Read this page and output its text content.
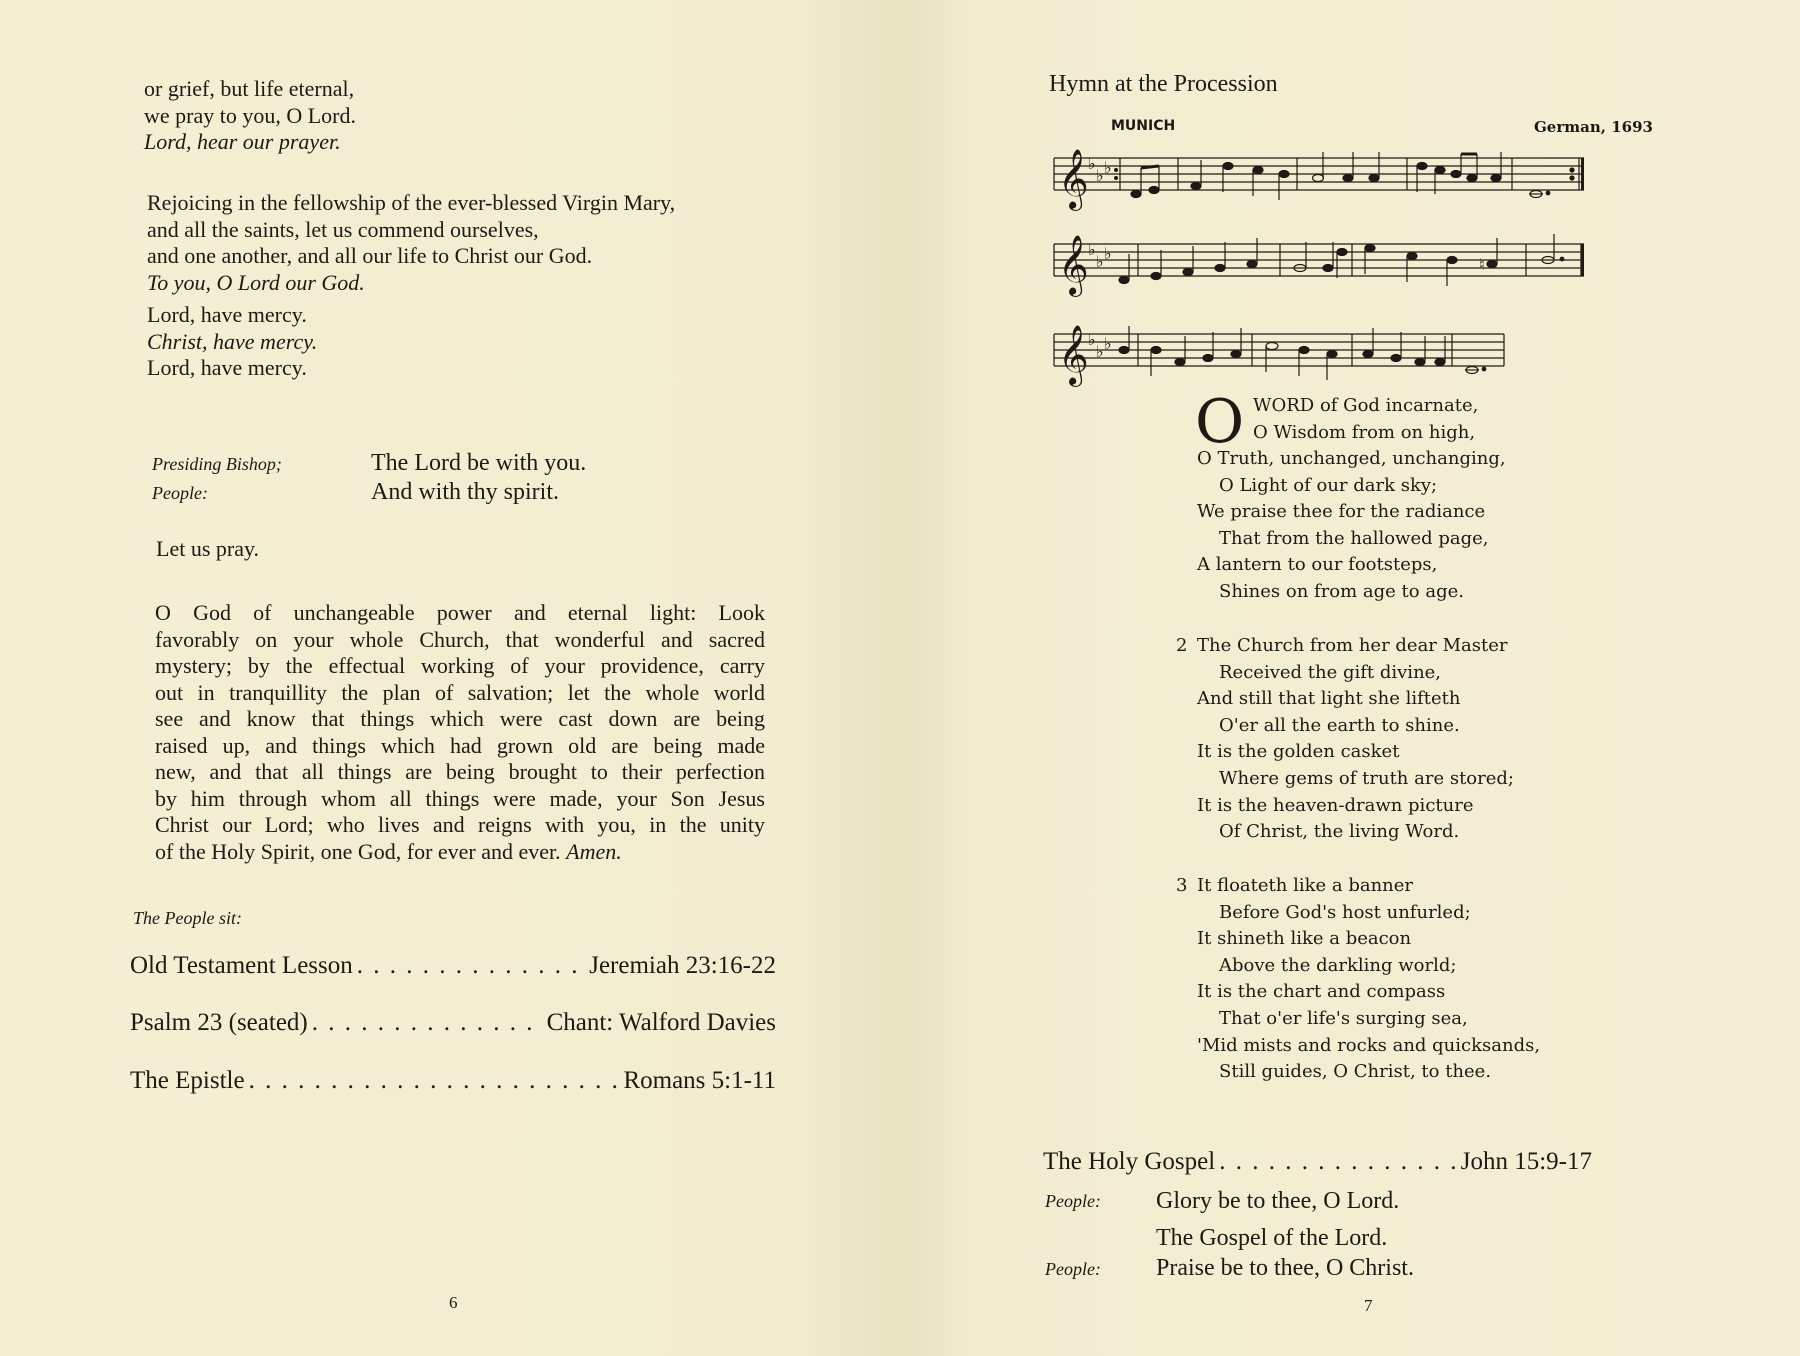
or grief, but life eternal,
we pray to you, O Lord.
Lord, hear our prayer.
Rejoicing in the fellowship of the ever-blessed Virgin Mary,
and all the saints, let us commend ourselves,
and one another, and all our life to Christ our God.
To you, O Lord our God.
Lord, have mercy.
Christ, have mercy.
Lord, have mercy.
Presiding Bishop;	The Lord be with you.
People:	And with thy spirit.
Let us pray.
O God of unchangeable power and eternal light: Look
favorably on your whole Church, that wonderful and sacred
mystery; by the effectual working of your providence, carry
out in tranquillity the plan of salvation; let the whole world
see and know that things which were cast down are being
raised up, and things which had grown old are being made
new, and that all things are being brought to their perfection
by him through whom all things were made, your Son Jesus
Christ our Lord; who lives and reigns with you, in the unity
of the Holy Spirit, one God, for ever and ever. Amen.
The People sit:
Old Testament Lesson . . .	Jeremiah 23:16-22
Psalm 23 (seated) . . .	Chant: Walford Davies
The Epistle . . .	Romans 5:1-11
6
Hymn at the Procession
MUNICH	German, 1693
𝄞 ♭
♭ ♭
𝄞 ♭
♭ ♭
♮
𝄞 ♭
♭ ♭
O WORD of God incarnate,
O Wisdom from on high,
O Truth, unchanged, unchanging,
O Light of our dark sky;
We praise thee for the radiance
That from the hallowed page,
A lantern to our footsteps,
Shines on from age to age.
2 The Church from her dear Master
Received the gift divine,
And still that light she lifteth
O'er all the earth to shine.
It is the golden casket
Where gems of truth are stored;
It is the heaven-drawn picture
Of Christ, the living Word.
3 It floateth like a banner
Before God's host unfurled;
It shineth like a beacon
Above the darkling world;
It is the chart and compass
That o'er life's surging sea,
'Mid mists and rocks and quicksands,
Still guides, O Christ, to thee.
The Holy Gospel . . .	John 15:9-17
People: Glory be to thee, O Lord.
The Gospel of the Lord.
People: Praise be to thee, O Christ.
7
